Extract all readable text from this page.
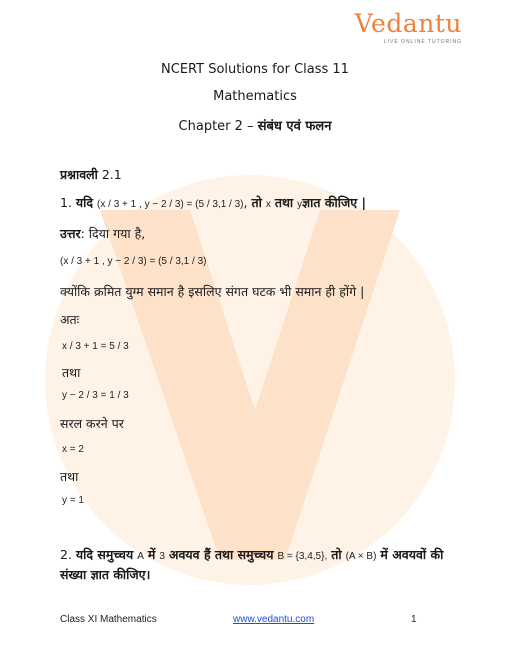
Vedantu
LIVE ONLINE TUTORING
NCERT Solutions for Class 11
Mathematics
Chapter 2 – संबंध एवं फलन
प्रश्नावली 2.1
1. यदि (x / 3 + 1 , y − 2 / 3) = (5 / 3,1 / 3), तो x तथा yज्ञात कीजिए |
उत्तर: दिया गया है,
(x / 3 + 1 , y − 2 / 3) = (5 / 3,1 / 3)
क्योंकि क्रमित युग्म समान है इसलिए संगत घटक भी समान ही होंगे |
अतः
x / 3 + 1 = 5 / 3
तथा
y − 2 / 3 = 1 / 3
सरल करने पर
x = 2
तथा
y = 1
2. यदि समुच्चय A में 3 अवयव हैं तथा समुच्चय B = {3,4,5}, तो (A × B) में अवयवों की
संख्या ज्ञात कीजिए।
Class XI Mathematics	www.vedantu.com	1
